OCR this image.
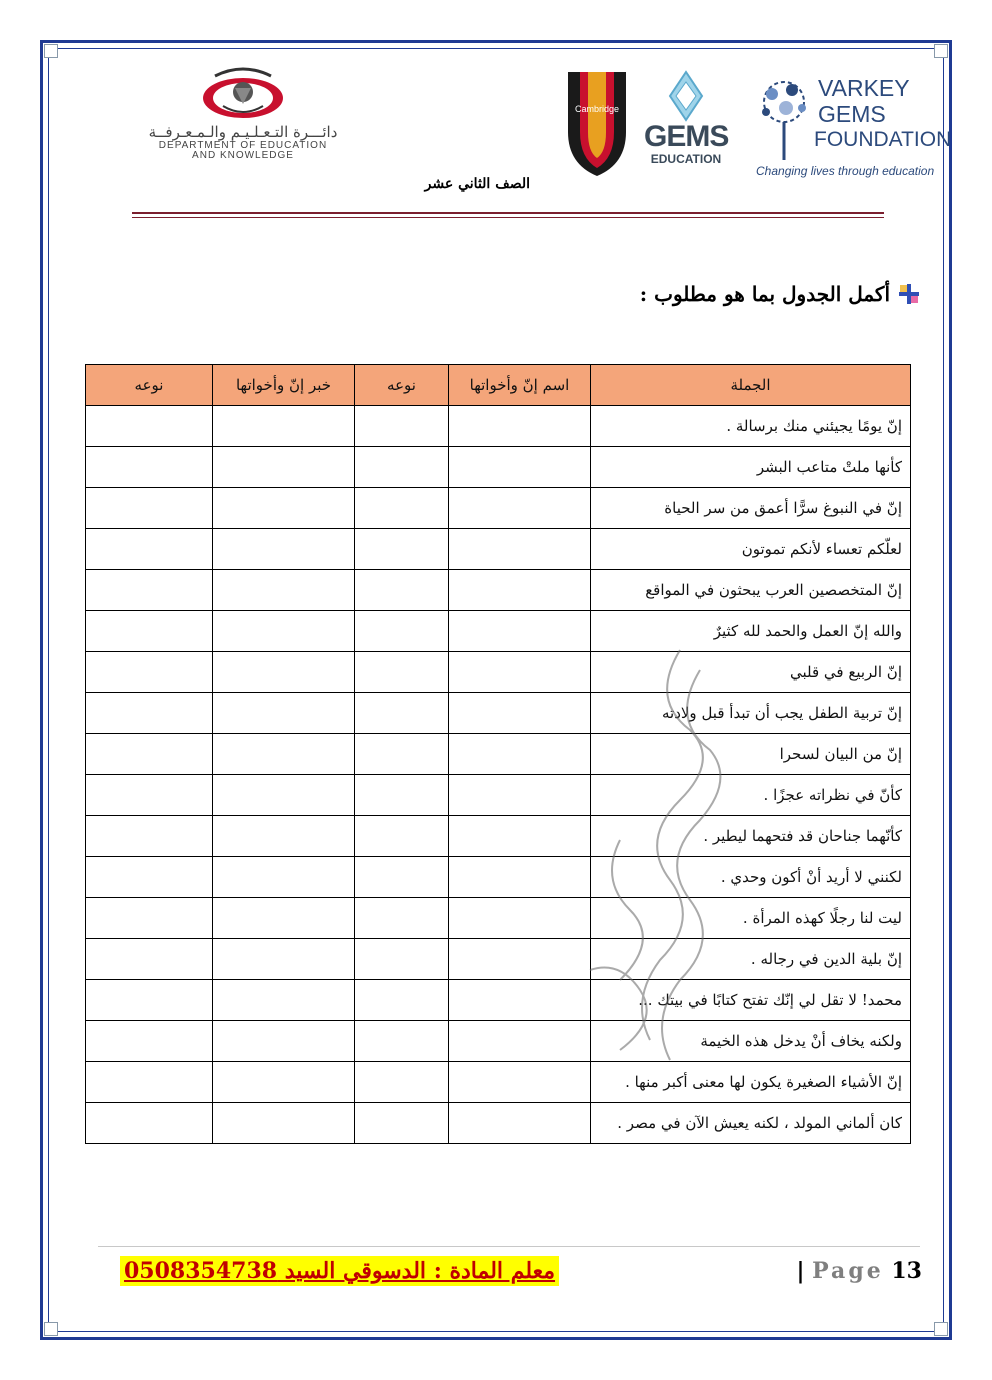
دائـــرة التـعـلـيـم والـمـعـرفــة
DEPARTMENT OF EDUCATION
AND KNOWLEDGE
Cambridge
GEMS
EDUCATION
VARKEY
GEMS
FOUNDATION
Changing lives through education
الصف الثاني عشر
أكمل الجدول بما هو مطلوب :
الجملة	اسم إنّ وأخواتها	نوعه	خبر إنّ وأخواتها	نوعه
إنّ يومًا يجيئني منك برسالة .				
كأنها ملتْ متاعب البشر				
إنّ في النبوغ سرًّا أعمق من سر الحياة				
لعلّكم تعساء لأنكم تموتون				
إنّ المتخصصين العرب يبحثون في المواقع				
والله إنّ العمل والحمد لله كثيرٌ				
إنّ الربيع في قلبي				
إنّ تربية الطفل يجب أن تبدأ قبل ولادته				
إنّ من البيان لسحرا				
كأنّ في نظراته عجزًا .				
كأنّهما جناحان قد فتحهما ليطير .				
لكنني لا أريد أنْ أكون وحدي .				
ليت لنا رجلًا كهذه المرأة .				
إنّ بلية الدين في رجاله .				
محمد! لا تقل لي إنّك تفتح كتابًا في بيتك ...				
ولكنه يخاف أنْ يدخل هذه الخيمة				
إنّ الأشياء الصغيرة يكون لها معنى أكبر منها .				
كان ألماني المولد ، لكنه يعيش الآن في مصر .				
معلم المادة : الدسوقي السيد 0508354738	| Page 13
